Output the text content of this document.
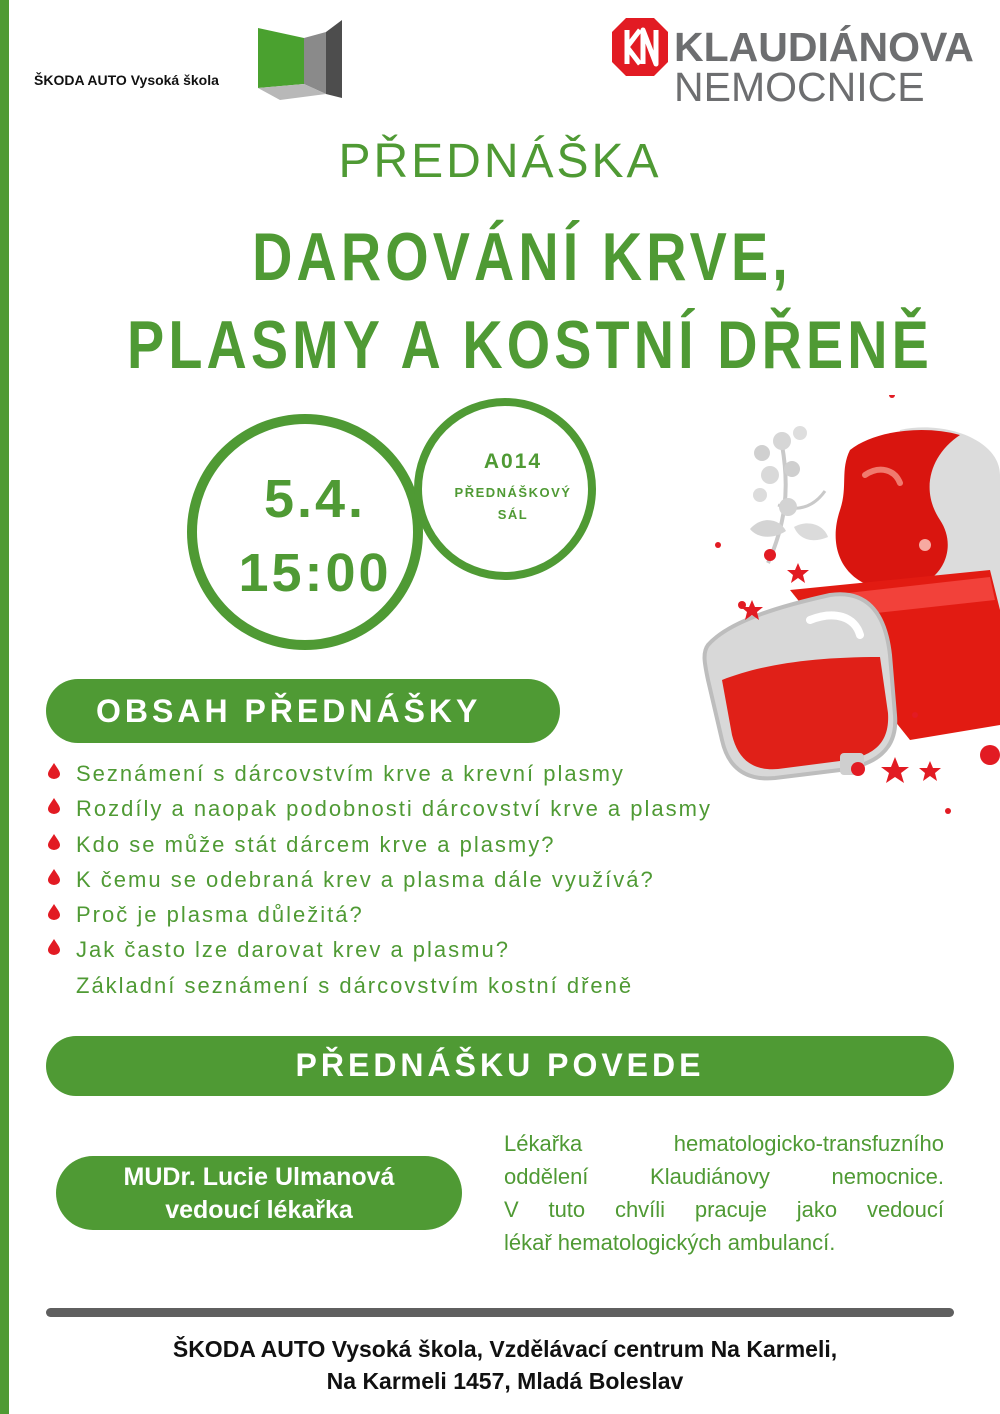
ŠKODA AUTO Vysoká škola
KLAUDIÁNOVA
NEMOCNICE
PŘEDNÁŠKA
DAROVÁNÍ KRVE,
PLASMY A KOSTNÍ DŘENĚ
5.4.
15:00
A014
PŘEDNÁŠKOVÝ
SÁL
OBSAH PŘEDNÁŠKY
Seznámení s dárcovstvím krve a krevní plasmy
Rozdíly a naopak podobnosti dárcovství krve a plasmy
Kdo se může stát dárcem krve a plasmy?
K čemu se odebraná krev a plasma dále využívá?
Proč je plasma důležitá?
Jak často lze darovat krev a plasmu?
Základní seznámení s dárcovstvím kostní dřeně
PŘEDNÁŠKU POVEDE
MUDr. Lucie Ulmanová
vedoucí lékařka
Lékařka hematologicko-transfuzního
oddělení Klaudiánovy nemocnice.
V tuto chvíli pracuje jako vedoucí
lékař hematologických ambulancí.
ŠKODA AUTO Vysoká škola, Vzdělávací centrum Na Karmeli,
Na Karmeli 1457, Mladá Boleslav
